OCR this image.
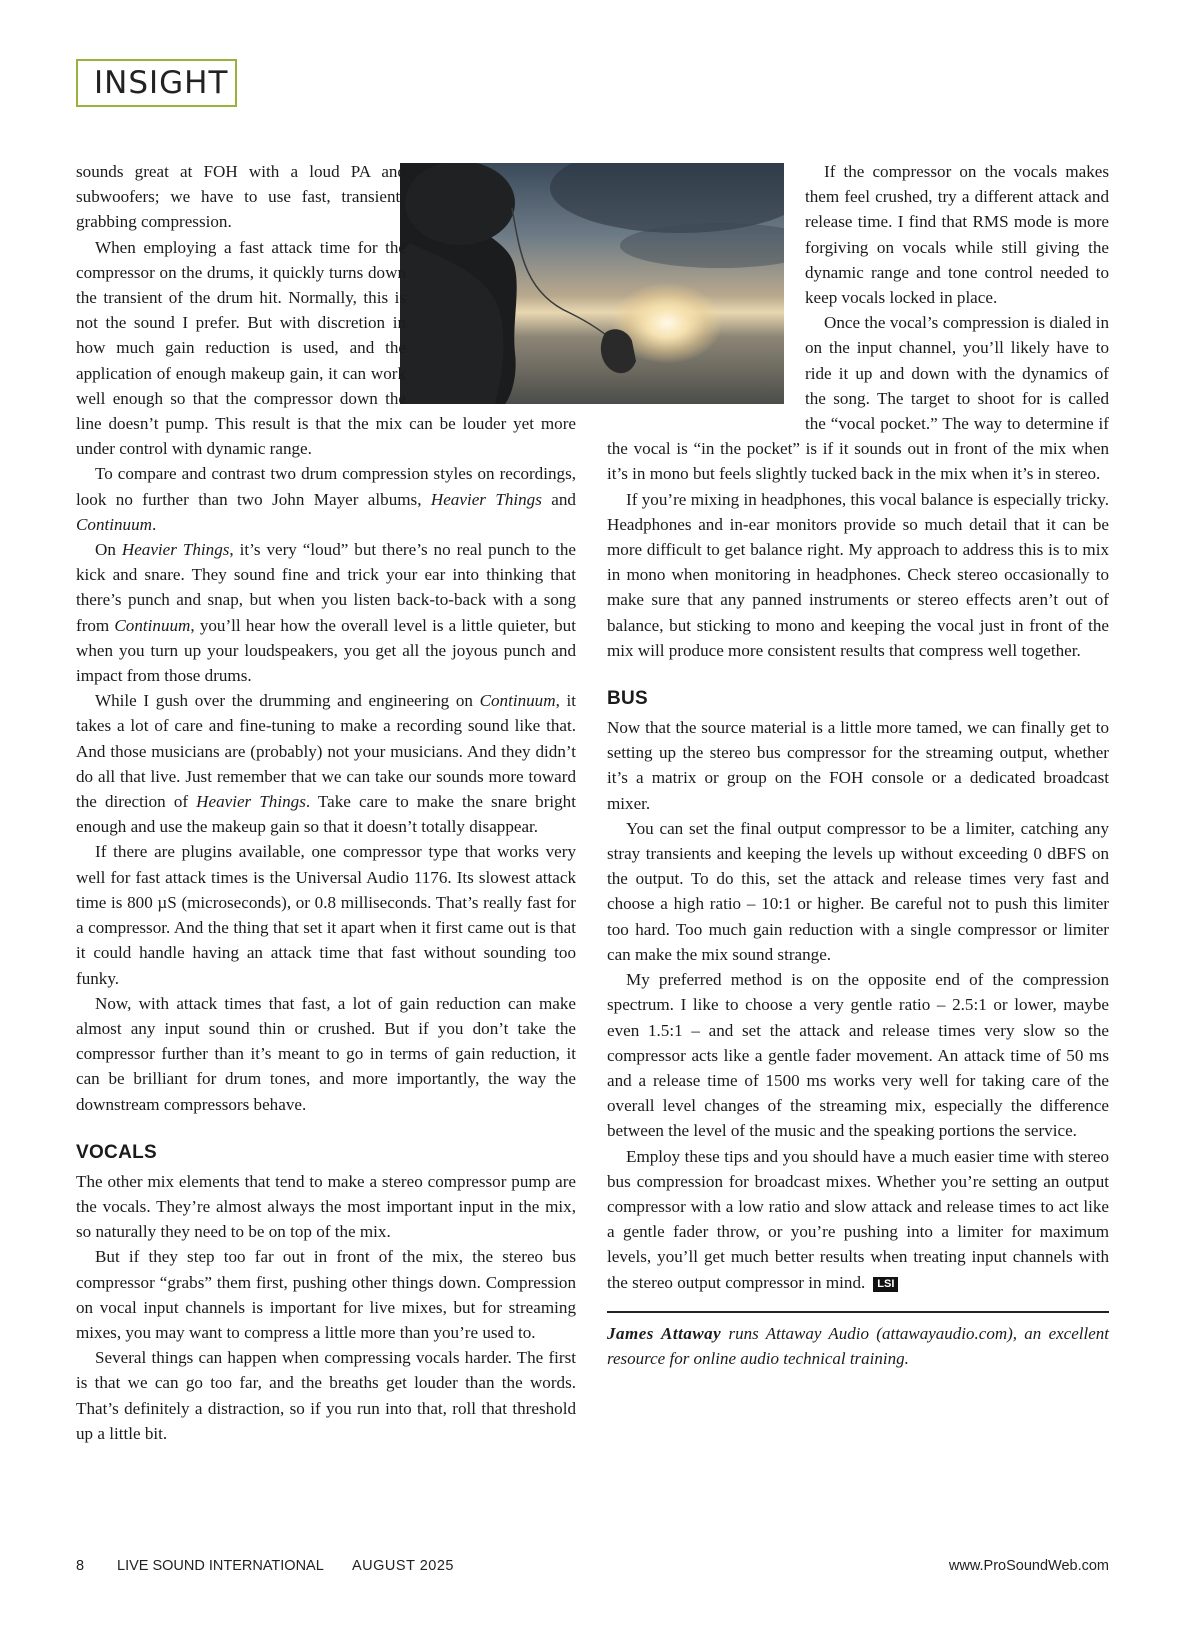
INSIGHT

sounds great at FOH with a loud PA and subwoofers; we have to use fast, transient-grabbing compression.

When employing a fast attack time for the compressor on the drums, it quickly turns down the transient of the drum hit. Normally, this is not the sound I prefer. But with discretion in how much gain reduction is used, and the application of enough makeup gain, it can work well enough so that the compressor down the line doesn’t pump. This result is that the mix can be louder yet more under control with dynamic range.

To compare and contrast two drum compression styles on recordings, look no further than two John Mayer albums, Heavier Things and Continuum.

On Heavier Things, it’s very “loud” but there’s no real punch to the kick and snare. They sound fine and trick your ear into thinking that there’s punch and snap, but when you listen back-to-back with a song from Continuum, you’ll hear how the overall level is a little quieter, but when you turn up your loudspeakers, you get all the joyous punch and impact from those drums.

While I gush over the drumming and engineering on Continuum, it takes a lot of care and fine-tuning to make a recording sound like that. And those musicians are (probably) not your musicians. And they didn’t do all that live. Just remember that we can take our sounds more toward the direction of Heavier Things. Take care to make the snare bright enough and use the makeup gain so that it doesn’t totally disappear.

If there are plugins available, one compressor type that works very well for fast attack times is the Universal Audio 1176. Its slowest attack time is 800 µS (microseconds), or 0.8 milliseconds. That’s really fast for a compressor. And the thing that set it apart when it first came out is that it could handle having an attack time that fast without sounding too funky.

Now, with attack times that fast, a lot of gain reduction can make almost any input sound thin or crushed. But if you don’t take the compressor further than it’s meant to go in terms of gain reduction, it can be brilliant for drum tones, and more importantly, the way the downstream compressors behave.

VOCALS

The other mix elements that tend to make a stereo compressor pump are the vocals. They’re almost always the most important input in the mix, so naturally they need to be on top of the mix.

But if they step too far out in front of the mix, the stereo bus compressor “grabs” them first, pushing other things down. Compression on vocal input channels is important for live mixes, but for streaming mixes, you may want to compress a little more than you’re used to.

Several things can happen when compressing vocals harder. The first is that we can go too far, and the breaths get louder than the words. That’s definitely a distraction, so if you run into that, roll that threshold up a little bit.

If the compressor on the vocals makes them feel crushed, try a different attack and release time. I find that RMS mode is more forgiving on vocals while still giving the dynamic range and tone control needed to keep vocals locked in place.

Once the vocal’s compression is dialed in on the input channel, you’ll likely have to ride it up and down with the dynamics of the song. The target to shoot for is called the “vocal pocket.” The way to determine if the vocal is “in the pocket” is if it sounds out in front of the mix when it’s in mono but feels slightly tucked back in the mix when it’s in stereo.

If you’re mixing in headphones, this vocal balance is especially tricky. Headphones and in-ear monitors provide so much detail that it can be more difficult to get balance right. My approach to address this is to mix in mono when monitoring in headphones. Check stereo occasionally to make sure that any panned instruments or stereo effects aren’t out of balance, but sticking to mono and keeping the vocal just in front of the mix will produce more consistent results that compress well together.

BUS

Now that the source material is a little more tamed, we can finally get to setting up the stereo bus compressor for the streaming output, whether it’s a matrix or group on the FOH console or a dedicated broadcast mixer.

You can set the final output compressor to be a limiter, catching any stray transients and keeping the levels up without exceeding 0 dBFS on the output. To do this, set the attack and release times very fast and choose a high ratio – 10:1 or higher. Be careful not to push this limiter too hard. Too much gain reduction with a single compressor or limiter can make the mix sound strange.

My preferred method is on the opposite end of the compression spectrum. I like to choose a very gentle ratio – 2.5:1 or lower, maybe even 1.5:1 – and set the attack and release times very slow so the compressor acts like a gentle fader movement. An attack time of 50 ms and a release time of 1500 ms works very well for taking care of the overall level changes of the streaming mix, especially the difference between the level of the music and the speaking portions the service.

Employ these tips and you should have a much easier time with stereo bus compression for broadcast mixes. Whether you’re setting an output compressor with a low ratio and slow attack and release times to act like a gentle fader throw, or you’re pushing into a limiter for maximum levels, you’ll get much better results when treating input channels with the stereo output compressor in mind. LSI

James Attaway runs Attaway Audio (attawayaudio.com), an excellent resource for online audio technical training.

8 LIVE SOUND INTERNATIONAL AUGUST 2025	www.ProSoundWeb.com
